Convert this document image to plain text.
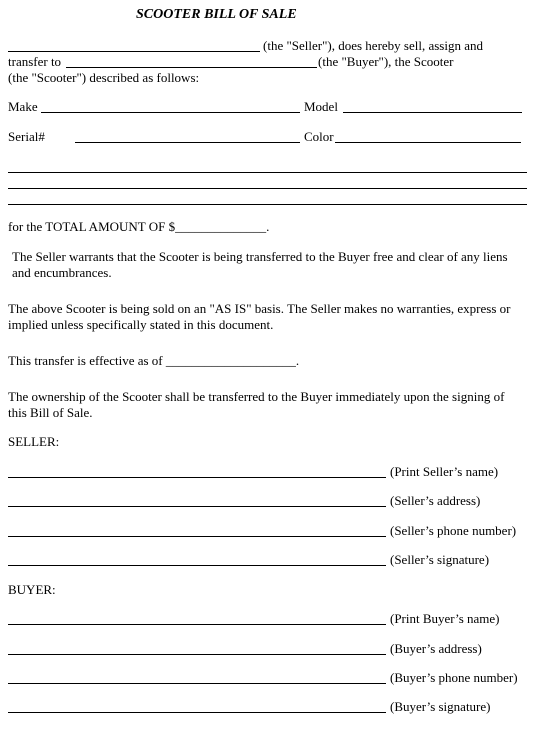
SCOOTER BILL OF SALE
(the "Seller"), does hereby sell, assign and
transfer to	(the "Buyer"), the Scooter
(the "Scooter") described as follows:
Make	Model
Serial#	Color
for the TOTAL AMOUNT OF $______________.
The Seller warrants that the Scooter is being transferred to the Buyer free and clear of any liens and encumbrances.
The above Scooter is being sold on an "AS IS" basis. The Seller makes no warranties, express or implied unless specifically stated in this document.
This transfer is effective as of ____________________.
The ownership of the Scooter shall be transferred to the Buyer immediately upon the signing of this Bill of Sale.
SELLER:
(Print Seller’s name)
(Seller’s address)
(Seller’s phone number)
(Seller’s signature)
BUYER:
(Print Buyer’s name)
(Buyer’s address)
(Buyer’s phone number)
(Buyer’s signature)
